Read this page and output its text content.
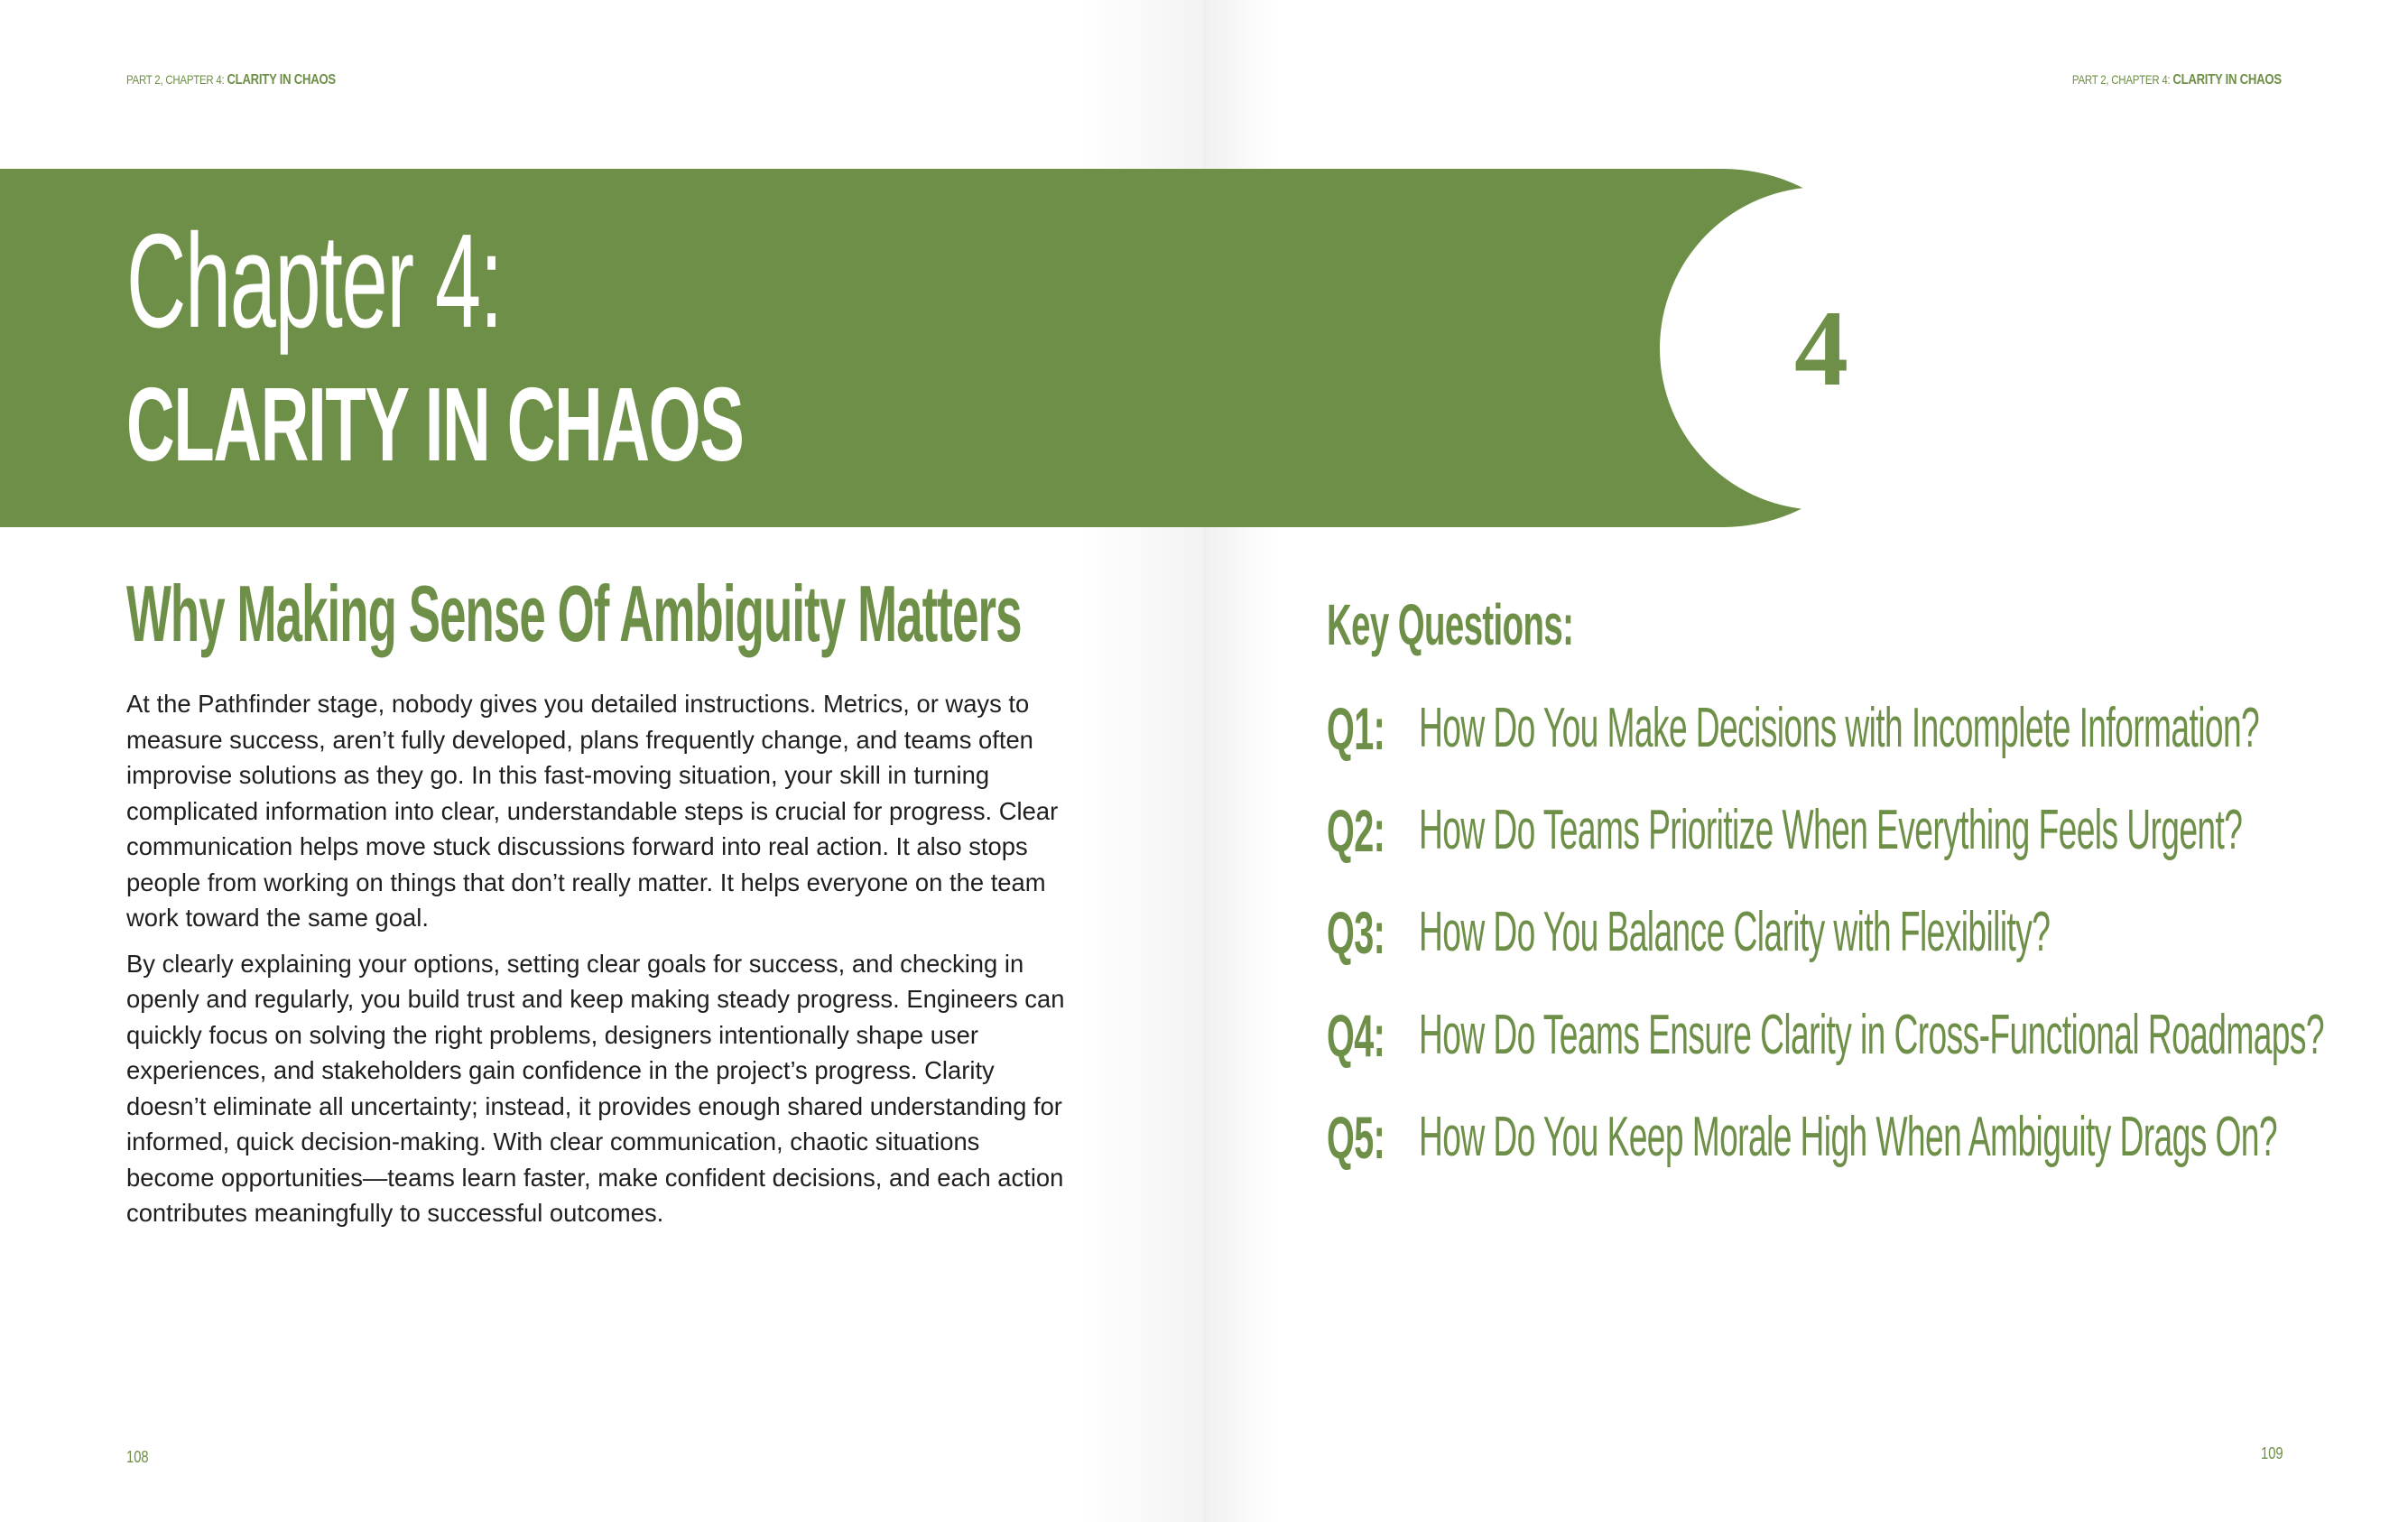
PART 2, CHAPTER 4: CLARITY IN CHAOS
Chapter 4:
CLARITY IN CHAOS
Why Making Sense Of Ambiguity Matters

At the Pathfinder stage, nobody gives you detailed instructions. Metrics, or ways to measure success, aren’t fully developed, plans frequently change, and teams often improvise solutions as they go. In this fast-moving situation, your skill in turning complicated information into clear, understandable steps is crucial for progress. Clear communication helps move stuck discussions forward into real action. It also stops people from working on things that don’t really matter. It helps everyone on the team work toward the same goal.

By clearly explaining your options, setting clear goals for success, and checking in openly and regularly, you build trust and keep making steady progress. Engineers can quickly focus on solving the right problems, designers intentionally shape user experiences, and stakeholders gain confidence in the project’s progress. Clarity doesn’t eliminate all uncertainty; instead, it provides enough shared understanding for informed, quick decision-making. With clear communication, chaotic situations become opportunities—teams learn faster, make confident decisions, and each action contributes meaningfully to successful outcomes.

108
PART 2, CHAPTER 4: CLARITY IN CHAOS
109
4
Key Questions:
Q1: How Do You Make Decisions with Incomplete Information?
Q2: How Do Teams Prioritize When Everything Feels Urgent?
Q3: How Do You Balance Clarity with Flexibility?
Q4: How Do Teams Ensure Clarity in Cross-Functional Roadmaps?
Q5: How Do You Keep Morale High When Ambiguity Drags On?
